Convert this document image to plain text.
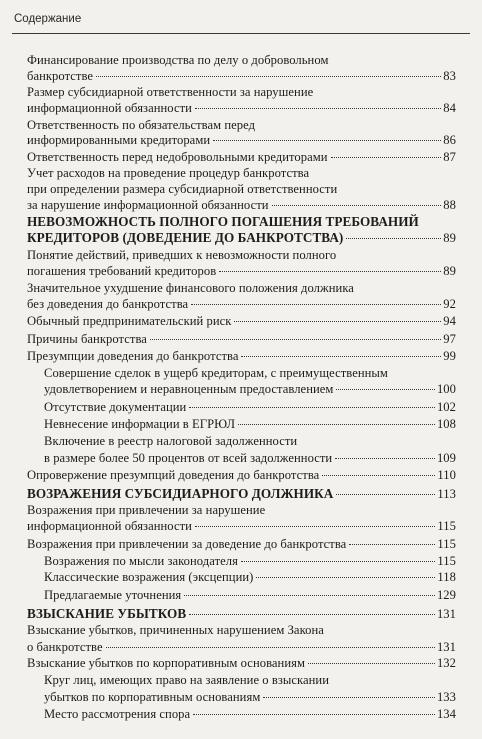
Содержание
Финансирование производства по делу о добровольном
банкротстве	83
Размер субсидиарной ответственности за нарушение
информационной обязанности	84
Ответственность по обязательствам перед
информированными кредиторами	86
Ответственность перед недобровольными кредиторами	87
Учет расходов на проведение процедур банкротства
при определении размера субсидиарной ответственности
за нарушение информационной обязанности	88
НЕВОЗМОЖНОСТЬ ПОЛНОГО ПОГАШЕНИЯ ТРЕБОВАНИЙ
КРЕДИТОРОВ (ДОВЕДЕНИЕ ДО БАНКРОТСТВА)	89
Понятие действий, приведших к невозможности полного
погашения требований кредиторов	89
Значительное ухудшение финансового положения должника
без доведения до банкротства	92
Обычный предпринимательский риск	94
Причины банкротства	97
Презумпции доведения до банкротства	99
Совершение сделок в ущерб кредиторам, с преимущественным
удовлетворением и неравноценным предоставлением	100
Отсутствие документации	102
Невнесение информации в ЕГРЮЛ	108
Включение в реестр налоговой задолженности
в размере более 50 процентов от всей задолженности	109
Опровержение презумпций доведения до банкротства	110
ВОЗРАЖЕНИЯ СУБСИДИАРНОГО ДОЛЖНИКА	113
Возражения при привлечении за нарушение
информационной обязанности	115
Возражения при привлечении за доведение до банкротства	115
Возражения по мысли законодателя	115
Классические возражения (эксцепции)	118
Предлагаемые уточнения	129
ВЗЫСКАНИЕ УБЫТКОВ	131
Взыскание убытков, причиненных нарушением Закона
о банкротстве	131
Взыскание убытков по корпоративным основаниям	132
Круг лиц, имеющих право на заявление о взыскании
убытков по корпоративным основаниям	133
Место рассмотрения спора	134
